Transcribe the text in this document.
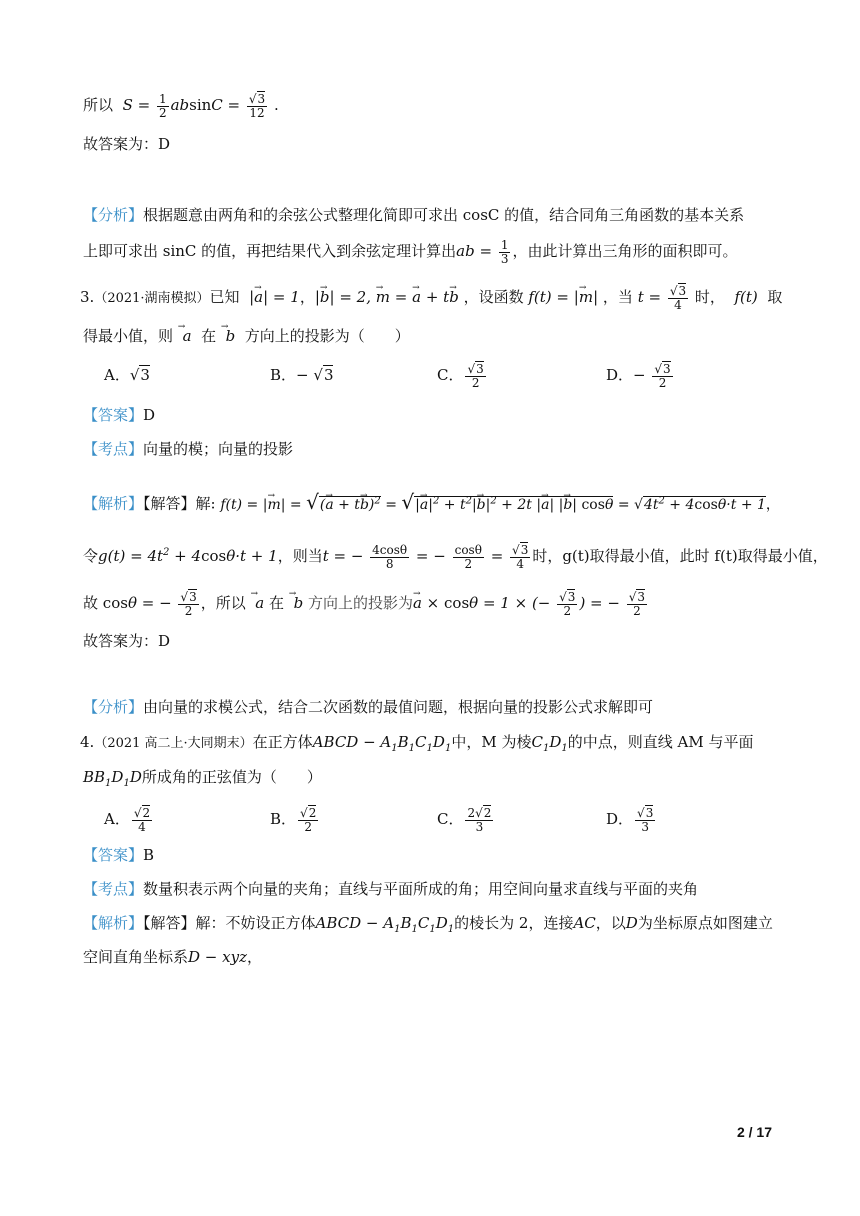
所以  $S = \frac{1}{2}$ $absinC = \frac{√3}{12}$ .
故答案为：D
【分析】根据题意由两角和的余弦公式整理化简即可求出 cosC 的值，结合同角三角函数的基本关系
上即可求出 sinC 的值，再把结果代入到余弦定理计算出ab = $\frac{1}{3}$ ，由此计算出三角形的面积即可。
3.（2021·湖南模拟）已知  |→ a| = 1，|→ b| = 2, → m = → a + t→ b ，设函数 f(t) = |→ m| ，当 $t = \frac{√3}{4}$ 时，  f(t)  取
得最小值，则 →  a  在 →  b  方向上的投影为（　　）
A．√3	B．− √3	C． $\frac{√3}{2}$	D．− $\frac{√3}{2}$
【答案】D
【考点】向量的模；向量的投影
【解析】【解答】解: f(t) = |→ m| = √(→ a + t→ b)$^2$ = √|→ $a|^2 + t^2|\to b|^2 + 2t$ |→ a| |→ b| $\cos\theta = √4t^2 + 4\cos\theta\cdot t + 1$，
令$g(t) = 4t^2 + 4\cos\theta\cdot t + 1$，则当t = − $\frac{4\cos\theta}{8}$ = − $\frac{\cos\theta}{2} = \frac{√3}{4}$ 时，g(t)取得最小值，此时 f(t)取得最小值，
故 cosθ = − $\frac{√3}{2}$ ，所以 →  a 在 →  b 方向上的投影为→ a × cosθ = 1 × (− $\frac{√3}{2}$ ) = − $\frac{√3}{2}$
故答案为：D
【分析】由向量的求模公式，结合二次函数的最值问题，根据向量的投影公式求解即可
4.（2021 高二上·大同期末）在正方体ABCD − $A_1B_1C_1D_1$中，M 为棱$C_1D_1$的中点，则直线 AM 与平面
$BB_1D_1D$所成角的正弦值为（　　）
A． $\frac{√2}{4}$	B． $\frac{√2}{2}$	C． $\frac{2√2}{3}$	D． $\frac{√3}{3}$
【答案】B
【考点】数量积表示两个向量的夹角；直线与平面所成的角；用空间向量求直线与平面的夹角
【解析】【解答】解：不妨设正方体ABCD − $A_1B_1C_1D_1$的棱长为 2，连接AC，以D为坐标原点如图建立
空间直角坐标系D − xyz，
2 / 17
